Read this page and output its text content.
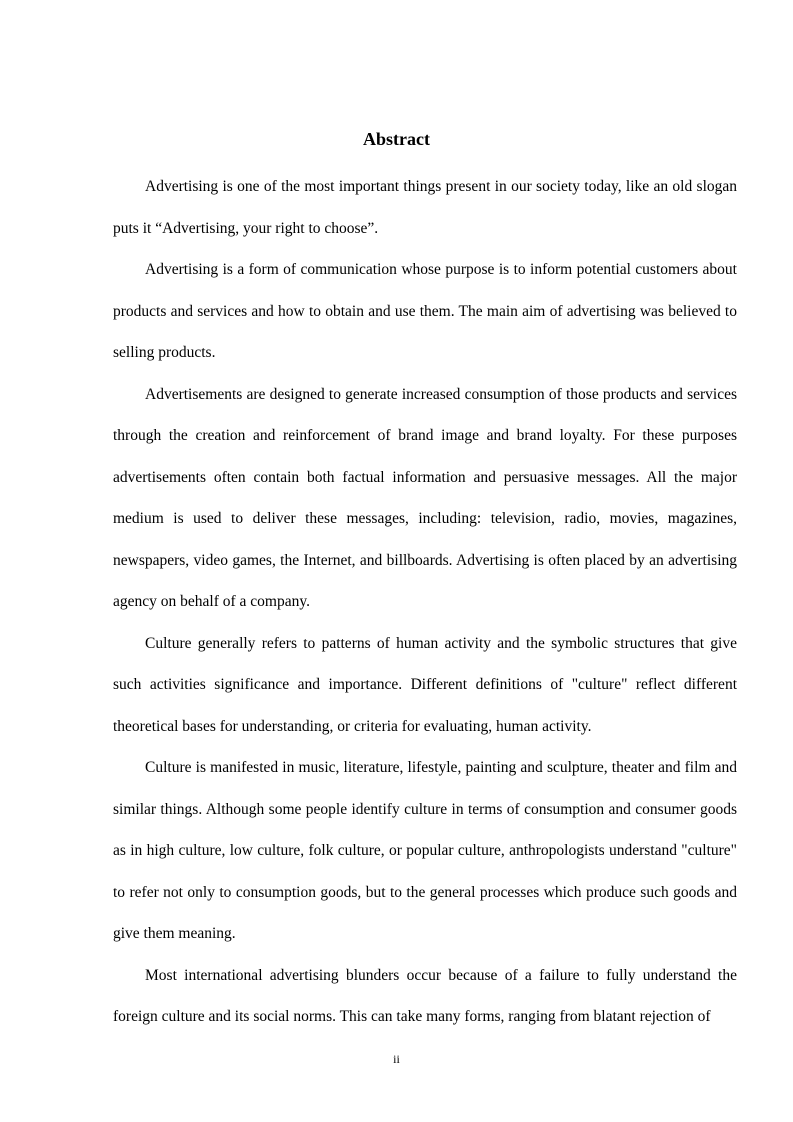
Abstract

Advertising is one of the most important things present in our society today, like an old slogan puts it “Advertising, your right to choose”.

Advertising is a form of communication whose purpose is to inform potential customers about products and services and how to obtain and use them. The main aim of advertising was believed to selling products.

Advertisements are designed to generate increased consumption of those products and services through the creation and reinforcement of brand image and brand loyalty. For these purposes advertisements often contain both factual information and persuasive messages. All the major medium is used to deliver these messages, including: television, radio, movies, magazines, newspapers, video games, the Internet, and billboards. Advertising is often placed by an advertising agency on behalf of a company.

Culture generally refers to patterns of human activity and the symbolic structures that give such activities significance and importance. Different definitions of "culture" reflect different theoretical bases for understanding, or criteria for evaluating, human activity.

Culture is manifested in music, literature, lifestyle, painting and sculpture, theater and film and similar things. Although some people identify culture in terms of consumption and consumer goods as in high culture, low culture, folk culture, or popular culture, anthropologists understand "culture" to refer not only to consumption goods, but to the general processes which produce such goods and give them meaning.

Most international advertising blunders occur because of a failure to fully understand the foreign culture and its social norms. This can take many forms, ranging from blatant rejection of

ii
